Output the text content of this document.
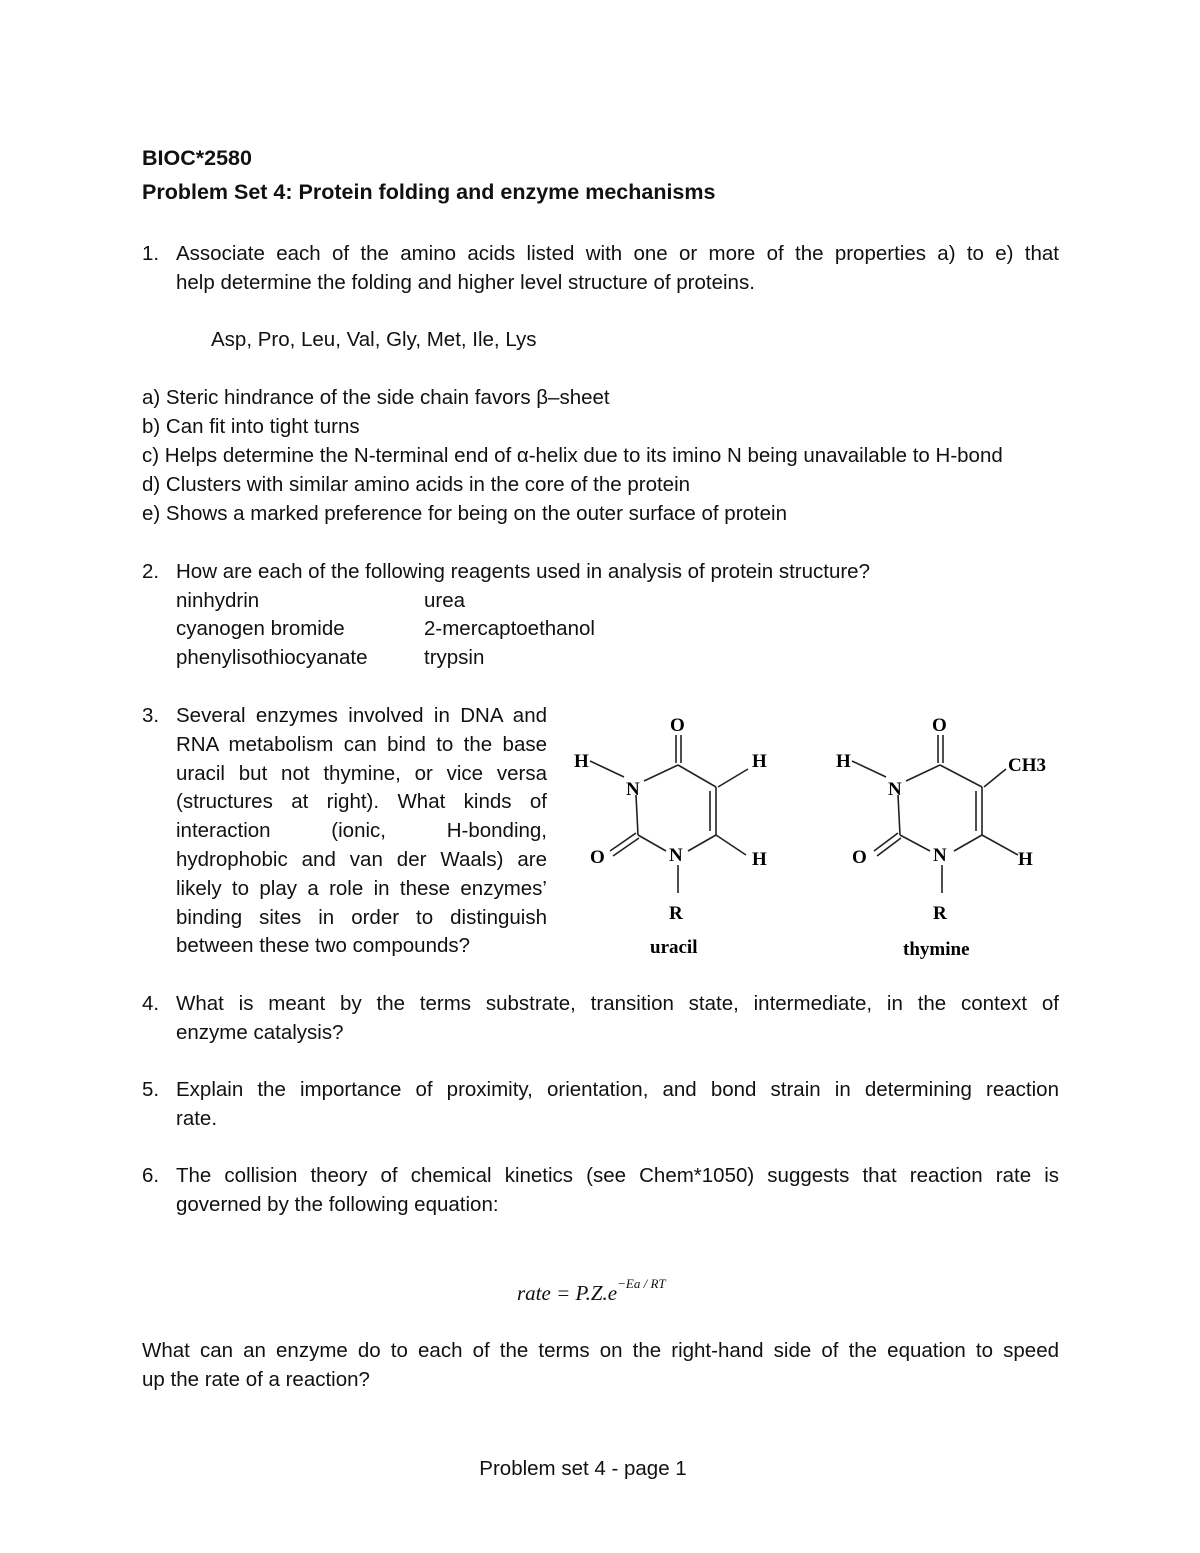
BIOC*2580
Problem Set 4: Protein folding and enzyme mechanisms
1. Associate each of the amino acids listed with one or more of the properties a) to e) that
help determine the folding and higher level structure of proteins.
Asp, Pro, Leu, Val, Gly, Met, Ile, Lys
a) Steric hindrance of the side chain favors β–sheet
b) Can fit into tight turns
c) Helps determine the N-terminal end of α-helix due to its imino N being unavailable to H-bond
d) Clusters with similar amino acids in the core of the protein
e) Shows a marked preference for being on the outer surface of protein
2. How are each of the following reagents used in analysis of protein structure?
ninhydrin
cyanogen bromide
phenylisothiocyanate
urea
2-mercaptoethanol
trypsin
3. Several enzymes involved in DNA and
RNA metabolism can bind to the base
uracil but not thymine, or vice versa
(structures at right). What kinds of
interaction (ionic, H-bonding,
hydrophobic and van der Waals) are
likely to play a role in these enzymes’
binding sites in order to distinguish
between these two compounds?
O
H
N
H
H
O	N
R
uracil
O
H
N
CH3
H
O	N
R
thymine
4. What is meant by the terms substrate, transition state, intermediate, in the context of
enzyme catalysis?
5. Explain the importance of proximity, orientation, and bond strain in determining reaction
rate.
6. The collision theory of chemical kinetics (see Chem*1050) suggests that reaction rate is
governed by the following equation:
rate = $P.Z.e^{-Ea / RT}$
What can an enzyme do to each of the terms on the right-hand side of the equation to speed
up the rate of a reaction?
Problem set 4 - page 1
